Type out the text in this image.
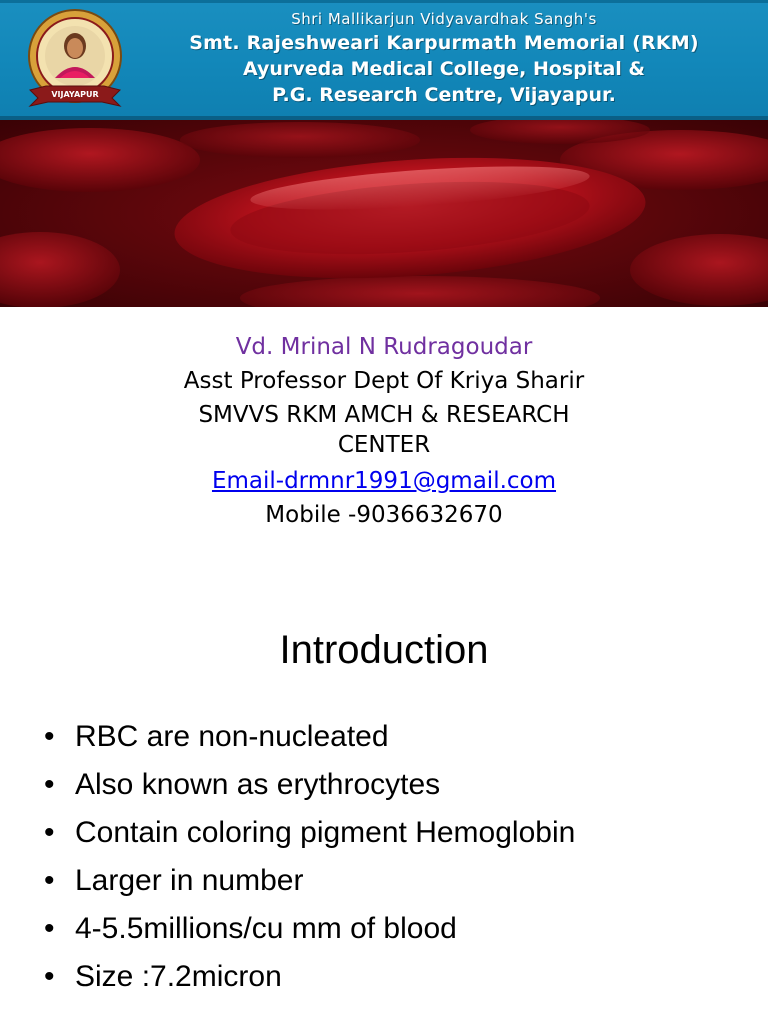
VIJAYAPUR
Shri Mallikarjun Vidyavardhak Sangh's
Smt. Rajeshweari Karpurmath Memorial (RKM)
Ayurveda Medical College, Hospital &
P.G. Research Centre, Vijayapur.
Vd. Mrinal N Rudragoudar
Asst Professor Dept Of Kriya Sharir
SMVVS RKM AMCH & RESEARCH CENTER
Email-drmnr1991@gmail.com
Mobile -9036632670
Introduction
• RBC are non-nucleated
• Also known as erythrocytes
• Contain coloring pigment Hemoglobin
• Larger in number
• 4-5.5millions/cu mm of blood
• Size :7.2micron
